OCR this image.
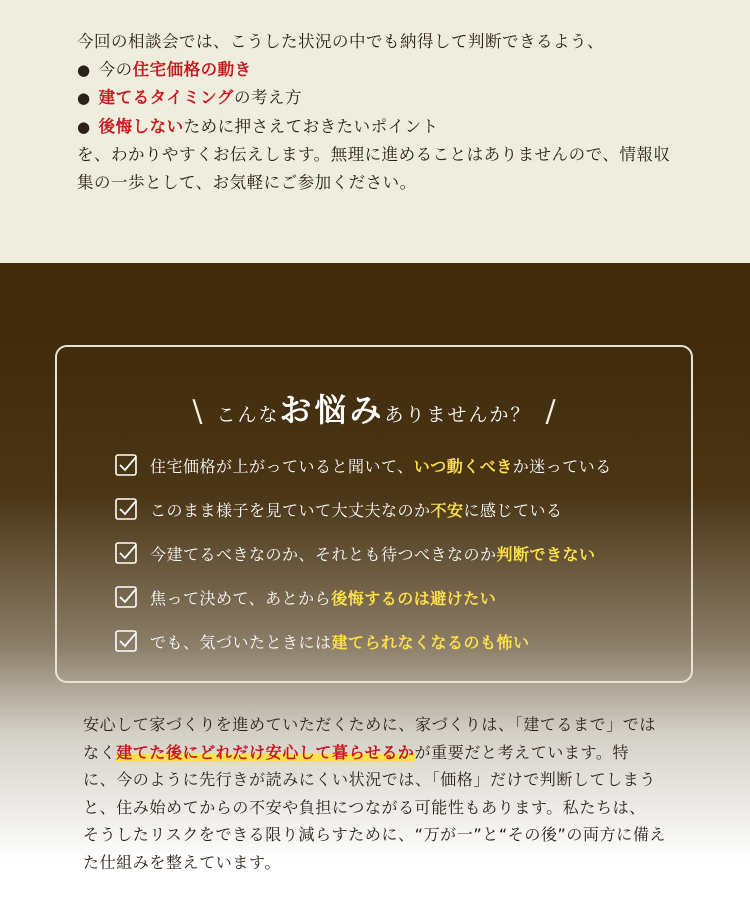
今回の相談会では、こうした状況の中でも納得して判断できるよう、
● 今の住宅価格の動き
● 建てるタイミングの考え方
● 後悔しないために押さえておきたいポイント
を、わかりやすくお伝えします。無理に進めることはありませんので、情報収
集の一歩として、お気軽にご参加ください。
\ こんなお悩みありませんか？ /
住宅価格が上がっていると聞いて、 いつ動くべき か迷っている
このまま様子を見ていて大丈夫なのか 不安 に感じている
今建てるべきなのか、それとも待つべきなのか 判断できない
焦って決めて、あとから 後悔するのは避けたい
でも、気づいたときには 建てられなくなるのも怖い
安心して家づくりを進めていただくために、家づくりは、「建てるまで」では
なく建てた後にどれだけ安心して暮らせるかが重要だと考えています。特
に、今のように先行きが読みにくい状況では、「価格」だけで判断してしまう
と、住み始めてからの不安や負担につながる可能性もあります。私たちは、
そうしたリスクをできる限り減らすために、“万が一”と“その後”の両方に備え
た仕組みを整えています。
